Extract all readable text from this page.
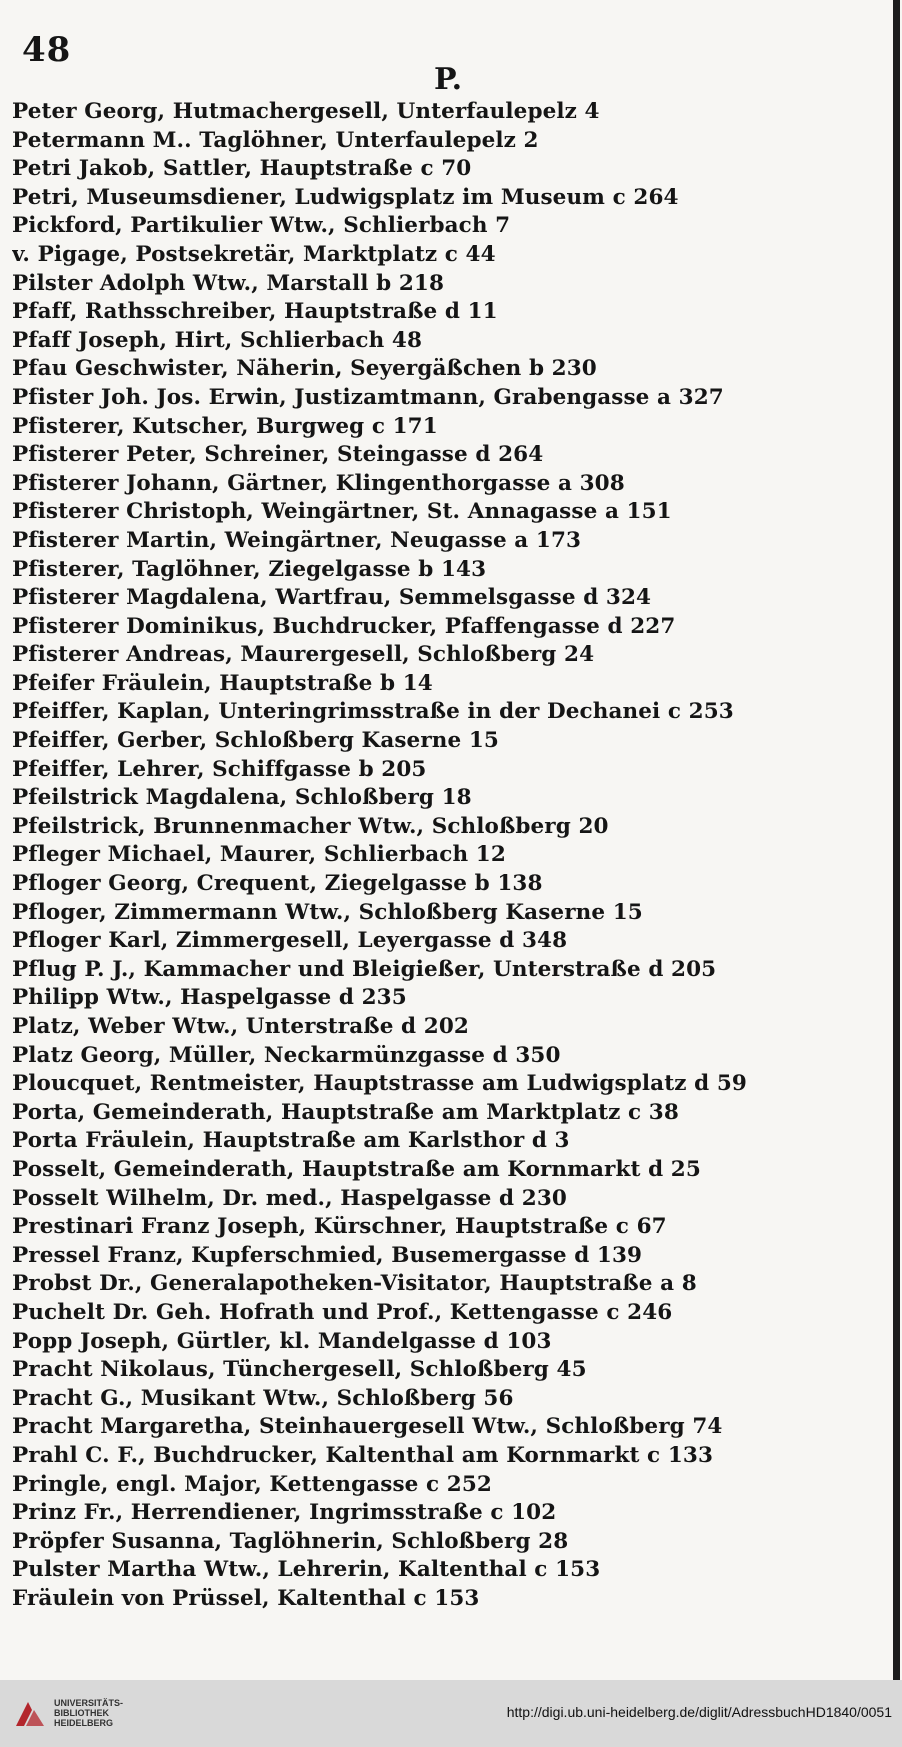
48
P.
Peter Georg, Hutmachergesell, Unterfaulepelz 4
Petermann M.. Taglöhner, Unterfaulepelz 2
Petri Jakob, Sattler, Hauptstraße c 70
Petri, Museumsdiener, Ludwigsplatz im Museum c 264
Pickford, Partikulier Wtw., Schlierbach 7
v. Pigage, Postsekretär, Marktplatz c 44
Pilster Adolph Wtw., Marstall b 218
Pfaff, Rathsschreiber, Hauptstraße d 11
Pfaff Joseph, Hirt, Schlierbach 48
Pfau Geschwister, Näherin, Seyergäßchen b 230
Pfister Joh. Jos. Erwin, Justizamtmann, Grabengasse a 327
Pfisterer, Kutscher, Burgweg c 171
Pfisterer Peter, Schreiner, Steingasse d 264
Pfisterer Johann, Gärtner, Klingenthorgasse a 308
Pfisterer Christoph, Weingärtner, St. Annagasse a 151
Pfisterer Martin, Weingärtner, Neugasse a 173
Pfisterer, Taglöhner, Ziegelgasse b 143
Pfisterer Magdalena, Wartfrau, Semmelsgasse d 324
Pfisterer Dominikus, Buchdrucker, Pfaffengasse d 227
Pfisterer Andreas, Maurergesell, Schloßberg 24
Pfeifer Fräulein, Hauptstraße b 14
Pfeiffer, Kaplan, Unteringrimsstraße in der Dechanei c 253
Pfeiffer, Gerber, Schloßberg Kaserne 15
Pfeiffer, Lehrer, Schiffgasse b 205
Pfeilstrick Magdalena, Schloßberg 18
Pfeilstrick, Brunnenmacher Wtw., Schloßberg 20
Pfleger Michael, Maurer, Schlierbach 12
Pfloger Georg, Crequent, Ziegelgasse b 138
Pfloger, Zimmermann Wtw., Schloßberg Kaserne 15
Pfloger Karl, Zimmergesell, Leyergasse d 348
Pflug P. J., Kammacher und Bleigießer, Unterstraße d 205
Philipp Wtw., Haspelgasse d 235
Platz, Weber Wtw., Unterstraße d 202
Platz Georg, Müller, Neckarmünzgasse d 350
Ploucquet, Rentmeister, Hauptstrasse am Ludwigsplatz d 59
Porta, Gemeinderath, Hauptstraße am Marktplatz c 38
Porta Fräulein, Hauptstraße am Karlsthor d 3
Posselt, Gemeinderath, Hauptstraße am Kornmarkt d 25
Posselt Wilhelm, Dr. med., Haspelgasse d 230
Prestinari Franz Joseph, Kürschner, Hauptstraße c 67
Pressel Franz, Kupferschmied, Busemergasse d 139
Probst Dr., Generalapotheken-Visitator, Hauptstraße a 8
Puchelt Dr. Geh. Hofrath und Prof., Kettengasse c 246
Popp Joseph, Gürtler, kl. Mandelgasse d 103
Pracht Nikolaus, Tünchergesell, Schloßberg 45
Pracht G., Musikant Wtw., Schloßberg 56
Pracht Margaretha, Steinhauergesell Wtw., Schloßberg 74
Prahl C. F., Buchdrucker, Kaltenthal am Kornmarkt c 133
Pringle, engl. Major, Kettengasse c 252
Prinz Fr., Herrendiener, Ingrimsstraße c 102
Pröpfer Susanna, Taglöhnerin, Schloßberg 28
Pulster Martha Wtw., Lehrerin, Kaltenthal c 153
Fräulein von Prüssel, Kaltenthal c 153
UNIVERSITÄTS-
BIBLIOTHEK
HEIDELBERG
http://digi.ub.uni-heidelberg.de/diglit/AdressbuchHD1840/0051
